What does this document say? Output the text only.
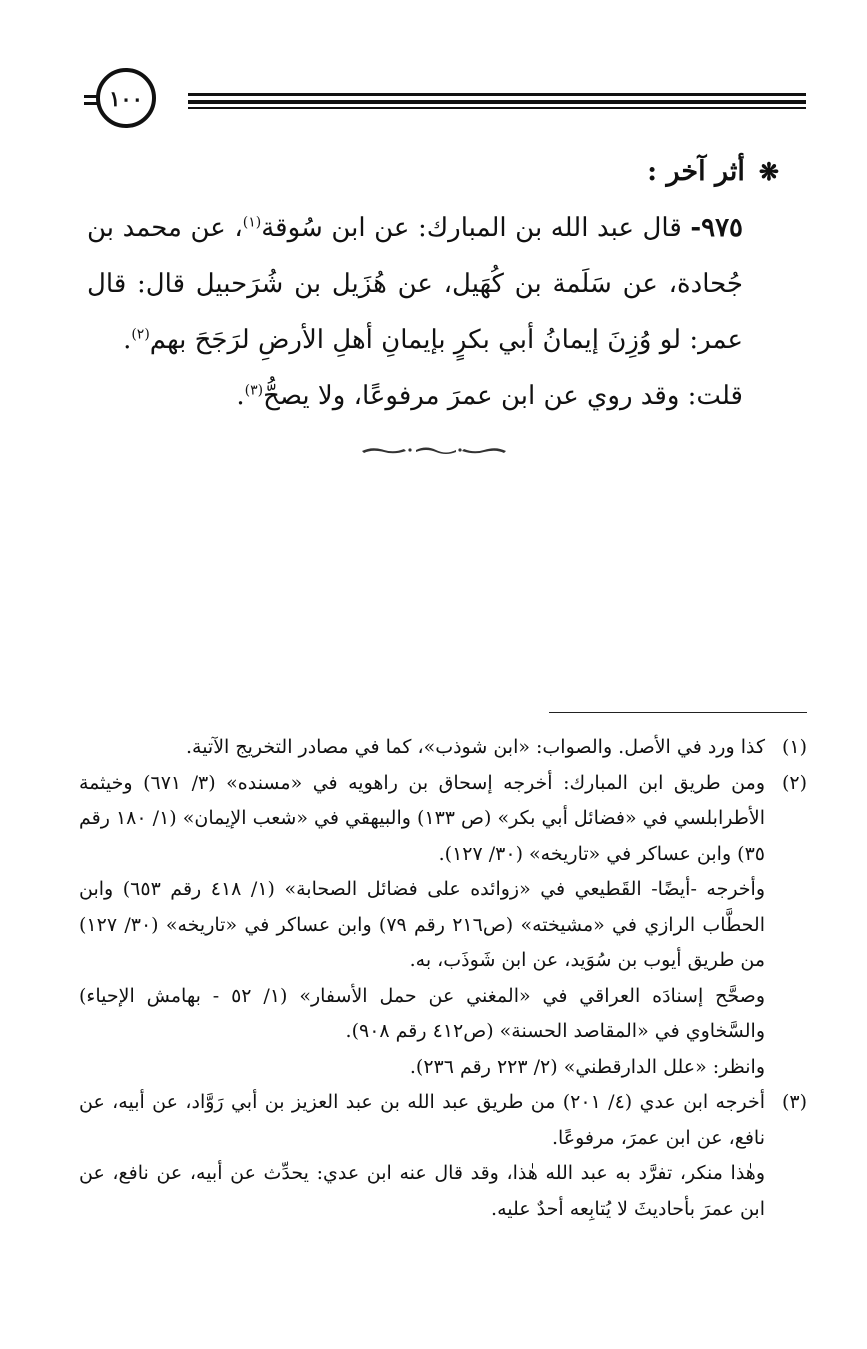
١٠٠
❋أثر آخر :

٩٧٥- قال عبد الله بن المبارك: عن ابن سُوقة$^{(١)}$، عن محمد بن جُحادة، عن سَلَمة بن كُهَيل، عن هُزَيل بن شُرَحبيل قال: قال عمر: لو وُزِنَ إيمانُ أبي بكرٍ بإيمانِ أهلِ الأرضِ لرَجَحَ بهم$^{(٢)}$.

قلت: وقد روي عن ابن عمرَ مرفوعًا، ولا يصحُّ$^{(٣)}$.

(١)

كذا ورد في الأصل. والصواب: «ابن شوذب»، كما في مصادر التخريج الآتية.

(٢)

ومن طريق ابن المبارك: أخرجه إسحاق بن راهويه في «مسنده» (٣/ ٦٧١) وخيثمة الأطرابلسي في «فضائل أبي بكر» (ص ١٣٣) والبيهقي في «شعب الإيمان» (١/ ١٨٠ رقم ٣٥) وابن عساكر في «تاريخه» (٣٠/ ١٢٧).

وأخرجه -أيضًا- القَطيعي في «زوائده على فضائل الصحابة» (١/ ٤١٨ رقم ٦٥٣) وابن الحطَّاب الرازي في «مشيخته» (ص٢١٦ رقم ٧٩) وابن عساكر في «تاريخه» (٣٠/ ١٢٧) من طريق أيوب بن سُوَيد، عن ابن شَوذَب، به.

وصحَّح إسنادَه العراقي في «المغني عن حمل الأسفار» (١/ ٥٢ - بهامش الإحياء) والسَّخاوي في «المقاصد الحسنة» (ص٤١٢ رقم ٩٠٨).

وانظر: «علل الدارقطني» (٢/ ٢٢٣ رقم ٢٣٦).

(٣)

أخرجه ابن عدي (٤/ ٢٠١) من طريق عبد الله بن عبد العزيز بن أبي رَوَّاد، عن أبيه، عن نافع، عن ابن عمرَ، مرفوعًا.

وهٰذا منكر، تفرَّد به عبد الله هٰذا، وقد قال عنه ابن عدي: يحدِّث عن أبيه، عن نافع، عن ابن عمرَ بأحاديثَ لا يُتابِعه أحدٌ عليه.
